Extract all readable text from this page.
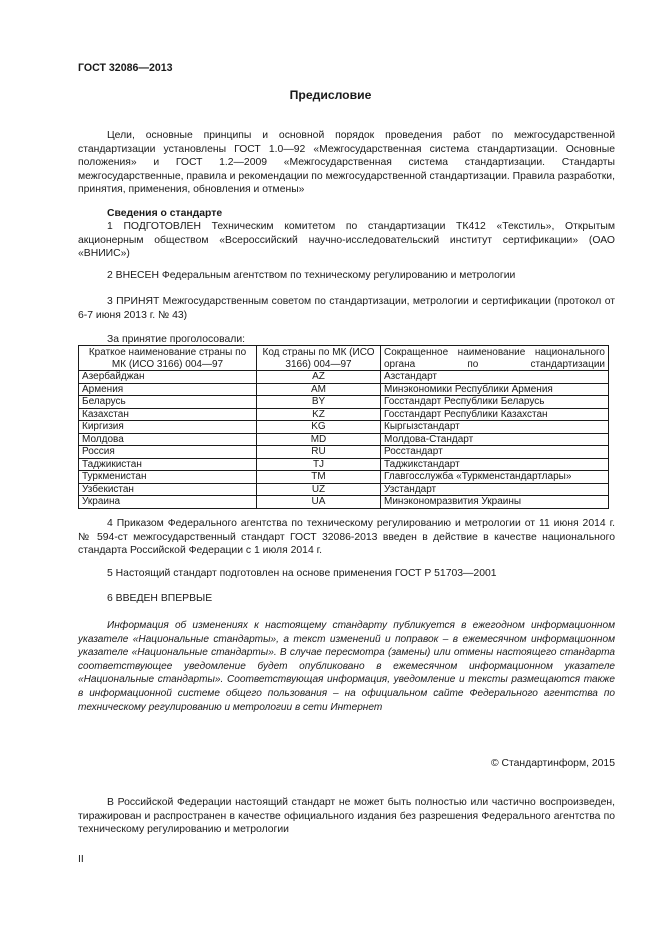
ГОСТ 32086—2013
Предисловие

Цели, основные принципы и основной порядок проведения работ по межгосударственной стандартизации установлены ГОСТ 1.0—92 «Межгосударственная система стандартизации. Основные положения» и ГОСТ 1.2—2009 «Межгосударственная система стандартизации. Стандарты межгосударственные, правила и рекомендации по межгосударственной стандартизации. Правила разработки, принятия, применения, обновления и отмены»

Сведения о стандарте

1 ПОДГОТОВЛЕН Техническим комитетом по стандартизации ТК412 «Текстиль», Открытым акционерным обществом «Всероссийский научно-исследовательский институт сертификации» (ОАО «ВНИИС»)

2 ВНЕСЕН Федеральным агентством по техническому регулированию и метрологии

3 ПРИНЯТ Межгосударственным советом по стандартизации, метрологии и сертификации (протокол от 6-7 июня 2013 г. № 43)

За принятие проголосовали:
Краткое наименование страны по МК (ИСО 3166) 004—97	Код страны по МК (ИСО 3166) 004—97	Сокращенное наименование национального органа по стандартизации
Азербайджан	AZ	Азстандарт
Армения	AM	Минэкономики Республики Армения
Беларусь	BY	Госстандарт Республики Беларусь
Казахстан	KZ	Госстандарт Республики Казахстан
Киргизия	KG	Кыргызстандарт
Молдова	MD	Молдова-Стандарт
Россия	RU	Росстандарт
Таджикистан	TJ	Таджикстандарт
Туркменистан	TM	Главгосслужба «Туркменстандартлары»
Узбекистан	UZ	Узстандарт
Украина	UA	Минэкономразвития Украины

4 Приказом Федерального агентства по техническому регулированию и метрологии от 11 июня 2014 г. № 594-ст межгосударственный стандарт ГОСТ 32086-2013 введен в действие в качестве национального стандарта Российской Федерации с 1 июля 2014 г.

5 Настоящий стандарт подготовлен на основе применения ГОСТ Р 51703—2001

6 ВВЕДЕН ВПЕРВЫЕ

Информация об изменениях к настоящему стандарту публикуется в ежегодном информационном указателе «Национальные стандарты», а текст изменений и поправок – в ежемесячном информационном указателе «Национальные стандарты». В случае пересмотра (замены) или отмены настоящего стандарта соответствующее уведомление будет опубликовано в ежемесячном информационном указателе «Национальные стандарты». Соответствующая информация, уведомление и тексты размещаются также в информационной системе общего пользования – на официальном сайте Федерального агентства по техническому регулированию и метрологии в сети Интернет

© Стандартинформ, 2015

В Российской Федерации настоящий стандарт не может быть полностью или частично воспроизведен, тиражирован и распространен в качестве официального издания без разрешения Федерального агентства по техническому регулированию и метрологии

II
